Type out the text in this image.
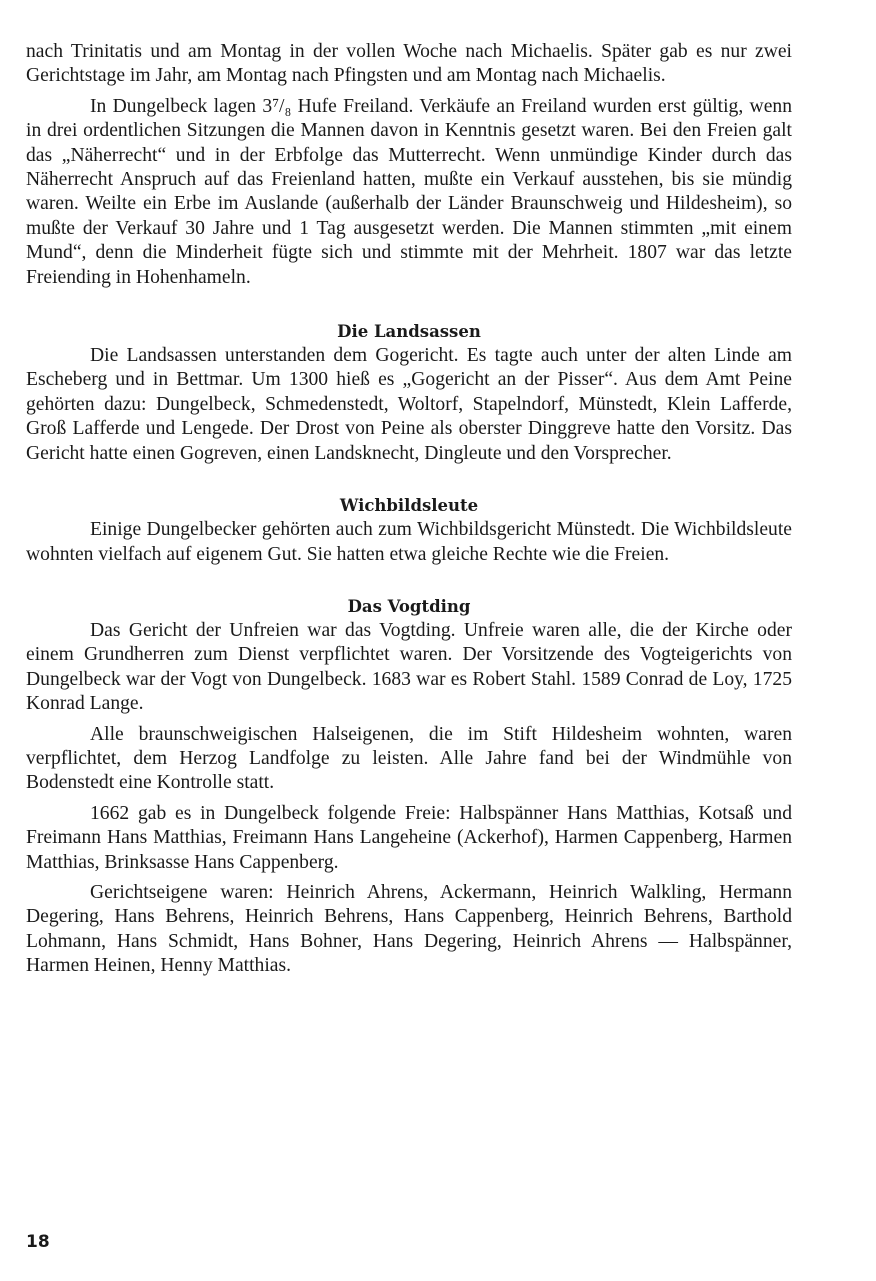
nach Trinitatis und am Montag in der vollen Woche nach Michaelis. Später gab es nur zwei Gerichtstage im Jahr, am Montag nach Pfingsten und am Montag nach Michaelis.

In Dungelbeck lagen 3⁷/₈ Hufe Freiland. Verkäufe an Freiland wurden erst gültig, wenn in drei ordentlichen Sitzungen die Mannen davon in Kenntnis gesetzt waren. Bei den Freien galt das „Näherrecht“ und in der Erbfolge das Mutterrecht. Wenn unmündige Kinder durch das Näherrecht Anspruch auf das Freienland hatten, mußte ein Verkauf ausstehen, bis sie mündig waren. Weilte ein Erbe im Auslande (außerhalb der Länder Braunschweig und Hildesheim), so mußte der Verkauf 30 Jahre und 1 Tag ausgesetzt werden. Die Mannen stimmten „mit einem Mund“, denn die Minderheit fügte sich und stimmte mit der Mehrheit. 1807 war das letzte Freiending in Hohenhameln.

Die Landsassen

Die Landsassen unterstanden dem Gogericht. Es tagte auch unter der alten Linde am Escheberg und in Bettmar. Um 1300 hieß es „Gogericht an der Pisser“. Aus dem Amt Peine gehörten dazu: Dungelbeck, Schmedenstedt, Woltorf, Stapelndorf, Münstedt, Klein Lafferde, Groß Lafferde und Lengede. Der Drost von Peine als oberster Dinggreve hatte den Vorsitz. Das Gericht hatte einen Gogreven, einen Landsknecht, Dingleute und den Vorsprecher.

Wichbildsleute

Einige Dungelbecker gehörten auch zum Wichbildsgericht Münstedt. Die Wichbildsleute wohnten vielfach auf eigenem Gut. Sie hatten etwa gleiche Rechte wie die Freien.

Das Vogtding

Das Gericht der Unfreien war das Vogtding. Unfreie waren alle, die der Kirche oder einem Grundherren zum Dienst verpflichtet waren. Der Vorsitzende des Vogteigerichts von Dungelbeck war der Vogt von Dungelbeck. 1683 war es Robert Stahl. 1589 Conrad de Loy, 1725 Konrad Lange.

Alle braunschweigischen Halseigenen, die im Stift Hildesheim wohnten, waren verpflichtet, dem Herzog Landfolge zu leisten. Alle Jahre fand bei der Windmühle von Bodenstedt eine Kontrolle statt.

1662 gab es in Dungelbeck folgende Freie: Halbspänner Hans Matthias, Kotsaß und Freimann Hans Matthias, Freimann Hans Langeheine (Ackerhof), Harmen Cappenberg, Harmen Matthias, Brinksasse Hans Cappenberg.

Gerichtseigene waren: Heinrich Ahrens, Ackermann, Heinrich Walkling, Hermann Degering, Hans Behrens, Heinrich Behrens, Hans Cappenberg, Heinrich Behrens, Barthold Lohmann, Hans Schmidt, Hans Bohner, Hans Degering, Heinrich Ahrens — Halbspänner, Harmen Heinen, Henny Matthias.

18
